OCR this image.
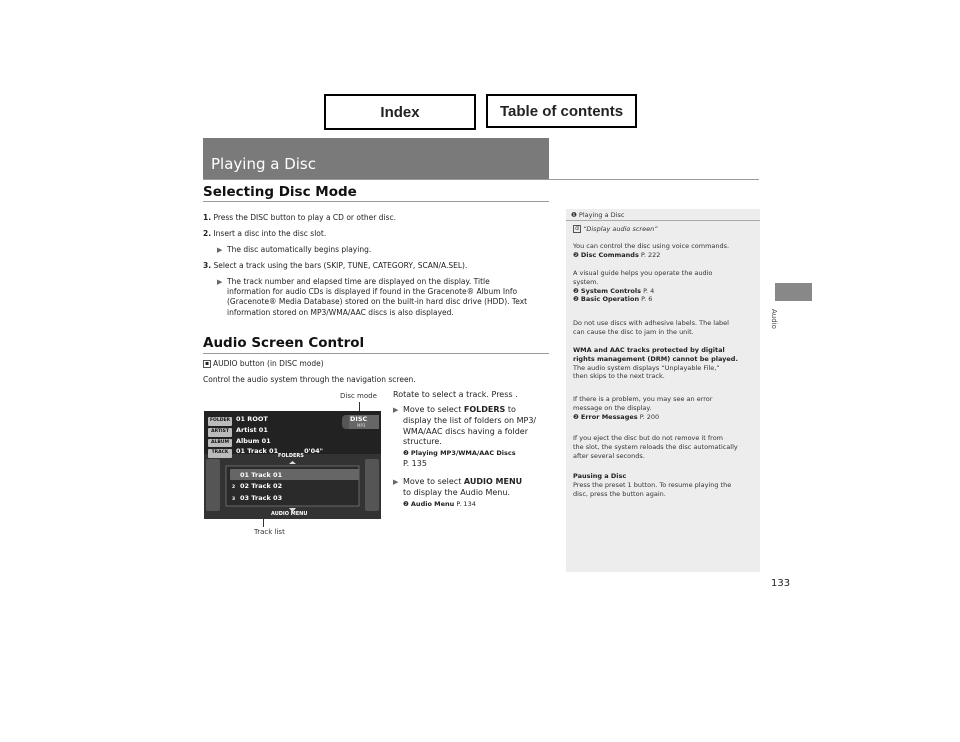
Index	Table of contents
Playing a Disc
Audio
Selecting Disc Mode
1. Press the DISC button to play a CD or other disc.
2. Insert a disc into the disc slot.
▶ The disc automatically begins playing.
3. Select a track using the bars (SKIP, TUNE, CATEGORY, SCAN/A.SEL).
▶ The track number and elapsed time are displayed on the display. Title
information for audio CDs is displayed if found in the Gracenote® Album Info
(Gracenote® Media Database) stored on the built-in hard disc drive (HDD). Text
information stored on MP3/WMA/AAC discs is also displayed.
Audio Screen Control
▪ AUDIO button (in DISC mode)
Control the audio system through the navigation screen.
Rotate to select a track. Press .
▶ Move to select FOLDERS to
display the list of folders on MP3/
WMA/AAC discs having a folder
structure.
❷ Playing MP3/WMA/AAC Discs
P. 135
▶ Move to select AUDIO MENU
to display the Audio Menu.
❷ Audio Menu P. 134
Disc mode
FOLDER 01 ROOT
ARTIST Artist 01
ALBUM Album 01
TRACK 01 Track 01	0'04"
DISC
MP3
FOLDERS
01 Track 01
2 02 Track 02
3 03 Track 03
AUDIO MENU
Track list
❶ Playing a Disc
d “Display audio screen”
You can control the disc using voice commands.
❷ Disc Commands P. 222
A visual guide helps you operate the audio
system.
❷ System Controls P. 4
❷ Basic Operation P. 6
Do not use discs with adhesive labels. The label
can cause the disc to jam in the unit.
WMA and AAC tracks protected by digital
rights management (DRM) cannot be played.
The audio system displays “Unplayable File,”
then skips to the next track.
If there is a problem, you may see an error
message on the display.
❷ Error Messages P. 200
If you eject the disc but do not remove it from
the slot, the system reloads the disc automatically
after several seconds.
Pausing a Disc
Press the preset 1 button. To resume playing the
disc, press the button again.
133
